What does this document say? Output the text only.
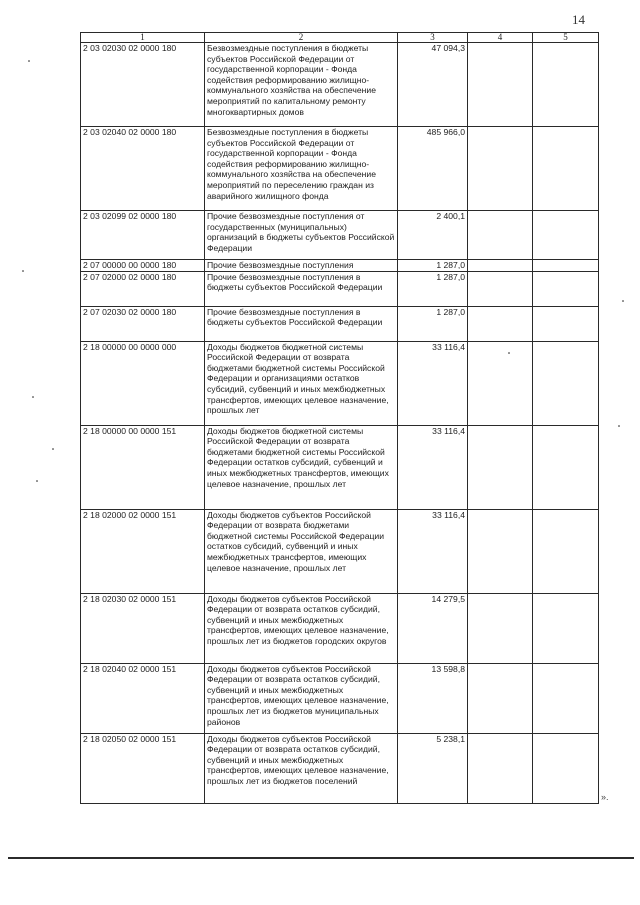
14
1	2	3	4	5
2 03 02030 02 0000 180	Безвозмездные поступления в бюджеты субъектов Российской Федерации от государственной корпорации - Фонда содействия реформированию жилищно-коммунального хозяйства на обеспечение мероприятий по капитальному ремонту многоквартирных домов	47 094,3		
2 03 02040 02 0000 180	Безвозмездные поступления в бюджеты субъектов Российской Федерации от государственной корпорации - Фонда содействия реформированию жилищно-коммунального хозяйства на обеспечение мероприятий по переселению граждан из аварийного жилищного фонда	485 966,0		
2 03 02099 02 0000 180	Прочие безвозмездные поступления от государственных (муниципальных) организаций в бюджеты субъектов Российской Федерации	2 400,1		
2 07 00000 00 0000 180	Прочие безвозмездные поступления	1 287,0		
2 07 02000 02 0000 180	Прочие безвозмездные поступления в бюджеты субъектов Российской Федерации	1 287,0		
2 07 02030 02 0000 180	Прочие безвозмездные поступления в бюджеты субъектов Российской Федерации	1 287,0		
2 18 00000 00 0000 000	Доходы бюджетов бюджетной системы Российской Федерации от возврата бюджетами бюджетной системы Российской Федерации и организациями остатков субсидий, субвенций и иных межбюджетных трансфертов, имеющих целевое назначение, прошлых лет	33 116,4		
2 18 00000 00 0000 151	Доходы бюджетов бюджетной системы Российской Федерации от возврата бюджетами бюджетной системы Российской Федерации остатков субсидий, субвенций и иных межбюджетных трансфертов, имеющих целевое назначение, прошлых лет	33 116,4		
2 18 02000 02 0000 151	Доходы бюджетов субъектов Российской Федерации от возврата бюджетами бюджетной системы Российской Федерации остатков субсидий, субвенций и иных межбюджетных трансфертов, имеющих целевое назначение, прошлых лет	33 116,4		
2 18 02030 02 0000 151	Доходы бюджетов субъектов Российской Федерации от возврата остатков субсидий, субвенций и иных межбюджетных трансфертов, имеющих целевое назначение, прошлых лет из бюджетов городских округов	14 279,5		
2 18 02040 02 0000 151	Доходы бюджетов субъектов Российской Федерации от возврата остатков субсидий, субвенций и иных межбюджетных трансфертов, имеющих целевое назначение, прошлых лет из бюджетов муниципальных районов	13 598,8		
2 18 02050 02 0000 151	Доходы бюджетов субъектов Российской Федерации от возврата остатков субсидий, субвенций и иных межбюджетных трансфертов, имеющих целевое назначение, прошлых лет из бюджетов поселений	5 238,1		
».
